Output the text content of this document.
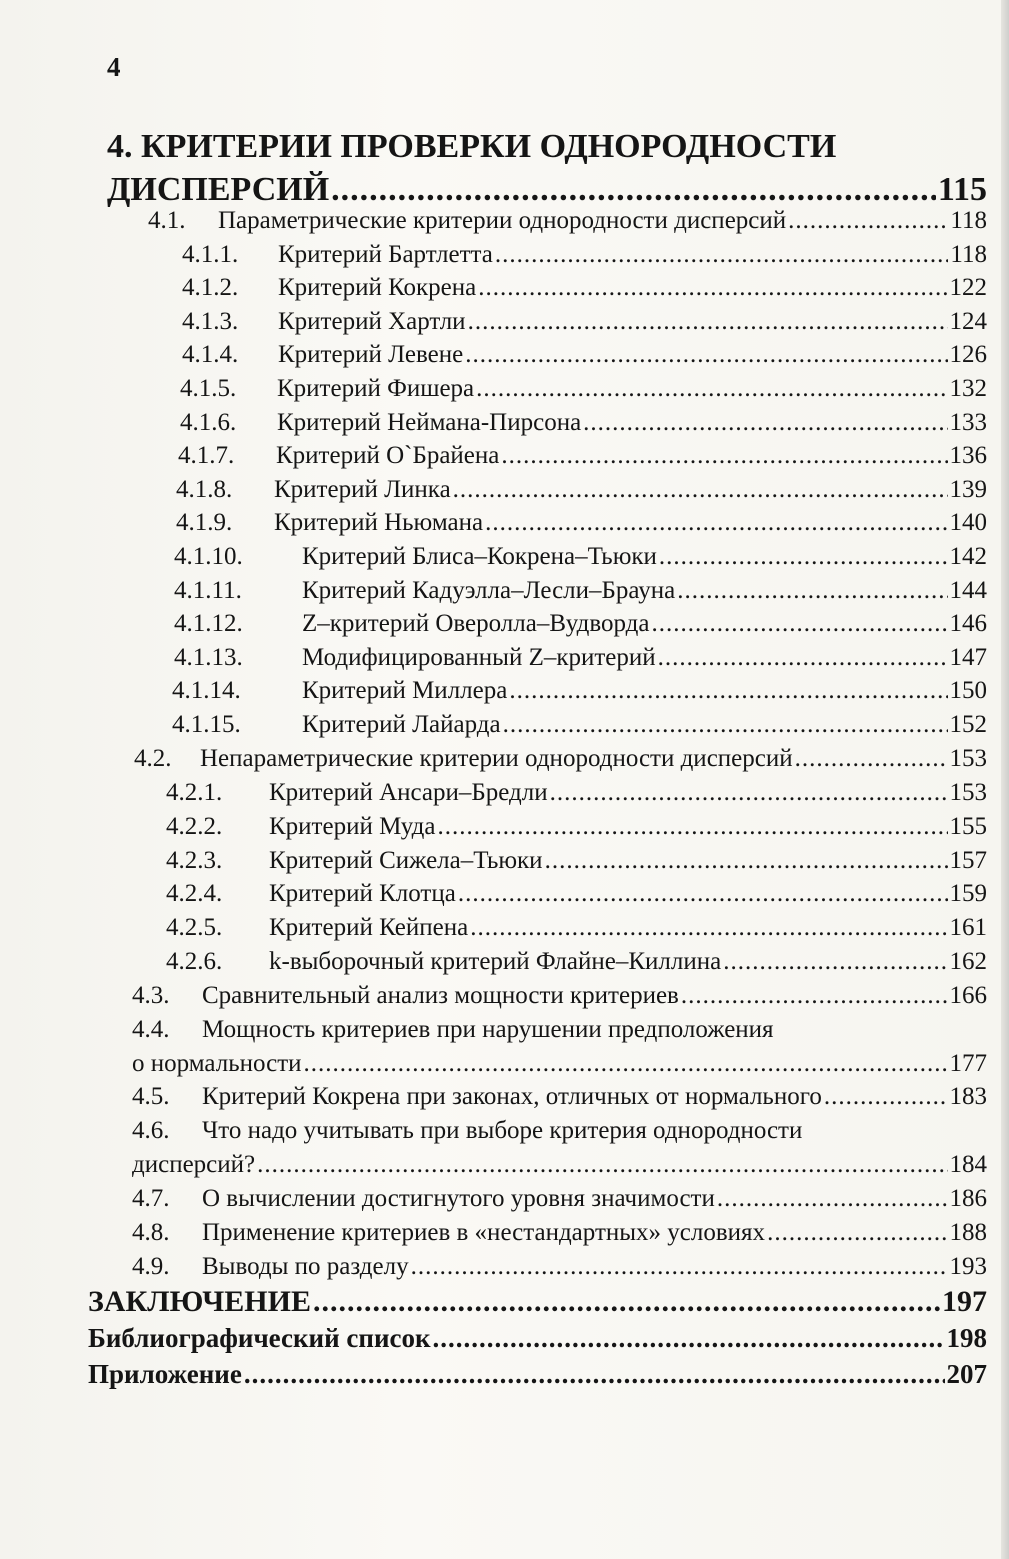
4
4. КРИТЕРИИ ПРОВЕРКИ ОДНОРОДНОСТИ
ДИСПЕРСИЙ .....	115
4.1.	Параметрические критерии однородности дисперсий .....	118
4.1.1.	Критерий Бартлетта .....	118
4.1.2.	Критерий Кокрена .....	122
4.1.3.	Критерий Хартли .....	124
4.1.4.	Критерий Левене .....	126
4.1.5.	Критерий Фишера .....	132
4.1.6.	Критерий Неймана-Пирсона .....	133
4.1.7.	Критерий О`Брайена .....	136
4.1.8.	Критерий Линка .....	139
4.1.9.	Критерий Ньюмана .....	140
4.1.10.	Критерий Блиса–Кокрена–Тьюки .....	142
4.1.11.	Критерий Кадуэлла–Лесли–Брауна .....	144
4.1.12.	Z–критерий Оверолла–Вудворда .....	146
4.1.13.	Модифицированный Z–критерий .....	147
4.1.14.	Критерий Миллера .....	150
4.1.15.	Критерий Лайарда .....	152
4.2.	Непараметрические критерии однородности дисперсий .....	153
4.2.1.	Критерий Ансари–Бредли .....	153
4.2.2.	Критерий Муда .....	155
4.2.3.	Критерий Сижела–Тьюки .....	157
4.2.4.	Критерий Клотца .....	159
4.2.5.	Критерий Кейпена .....	161
4.2.6.	k-выборочный критерий Флайне–Киллина .....	162
4.3.	Сравнительный анализ мощности критериев .....	166
4.4.	Мощность критериев при нарушении предположения
о нормальности .....	177
4.5.	Критерий Кокрена при законах, отличных от нормального .....	183
4.6.	Что надо учитывать при выборе критерия однородности
дисперсий? .....	184
4.7.	О вычислении достигнутого уровня значимости .....	186
4.8.	Применение критериев в «нестандартных» условиях .....	188
4.9.	Выводы по разделу .....	193
ЗАКЛЮЧЕНИЕ .....	197
Библиографический список .....	198
Приложение .....	207
